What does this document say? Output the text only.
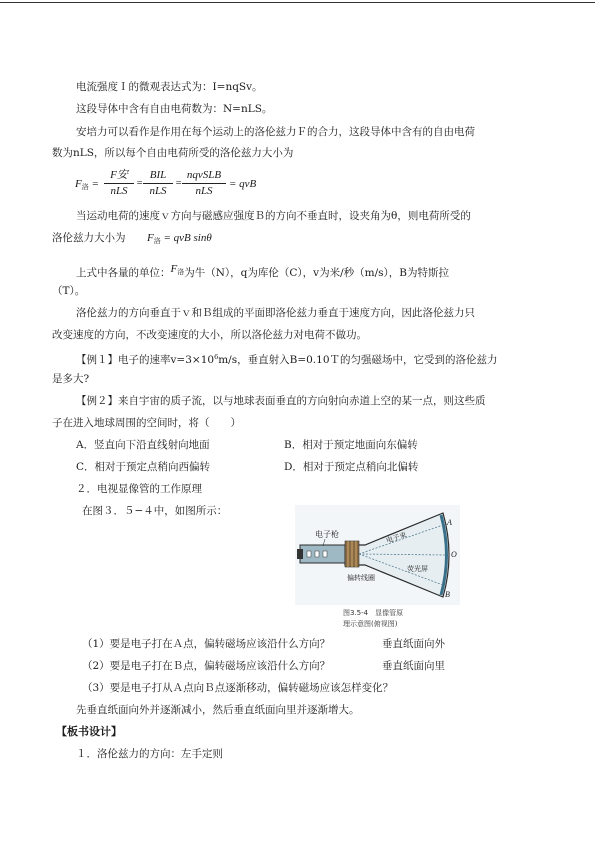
电流强度Ｉ的微观表达式为：I=nqSv。
这段导体中含有自由电荷数为：N=nLS。
安培力可以看作是作用在每个运动上的洛伦兹力Ｆ的合力，这段导体中含有的自由电荷
数为nLS，所以每个自由电荷所受的洛伦兹力大小为
$F_洛$ =
F安
nLS
=
BIL
nLS
=
nqvSLB
nLS
= qvB
当运动电荷的速度ｖ方向与磁感应强度Ｂ的方向不垂直时，设夹角为θ，则电荷所受的
洛伦兹力大小为 $F_洛$ = qvB sinθ
上式中各量的单位：$F_洛$为牛（N），q为库伦（C），v为米/秒（m/s），B为特斯拉
（T）。
洛伦兹力的方向垂直于ｖ和Ｂ组成的平面即洛伦兹力垂直于速度方向，因此洛伦兹力只
改变速度的方向，不改变速度的大小，所以洛伦兹力对电荷不做功。
【例１】电子的速率$v=3\times 10^6m/s$，垂直射入B=0.10Ｔ的匀强磁场中，它受到的洛伦兹力
是多大?
【例２】来自宇宙的质子流，以与地球表面垂直的方向射向赤道上空的某一点，则这些质
子在进入地球周围的空间时，将（　　）
A．竖直向下沿直线射向地面	B．相对于预定地面向东偏转
C．相对于预定点稍向西偏转	D．相对于预定点稍向北偏转
２．电视显像管的工作原理
在图３．５−４中，如图所示：
电子枪	电子束
偏转线圈
荧光屏
A
O
B
图3.5-4　显像管原
理示意图(俯视图)
（1）要是电子打在Ａ点，偏转磁场应该沿什么方向？	垂直纸面向外
（2）要是电子打在Ｂ点，偏转磁场应该沿什么方向？	垂直纸面向里
（3）要是电子打从Ａ点向Ｂ点逐渐移动，偏转磁场应该怎样变化？
先垂直纸面向外并逐渐减小，然后垂直纸面向里并逐渐增大。
【板书设计】
１．洛伦兹力的方向：左手定则
